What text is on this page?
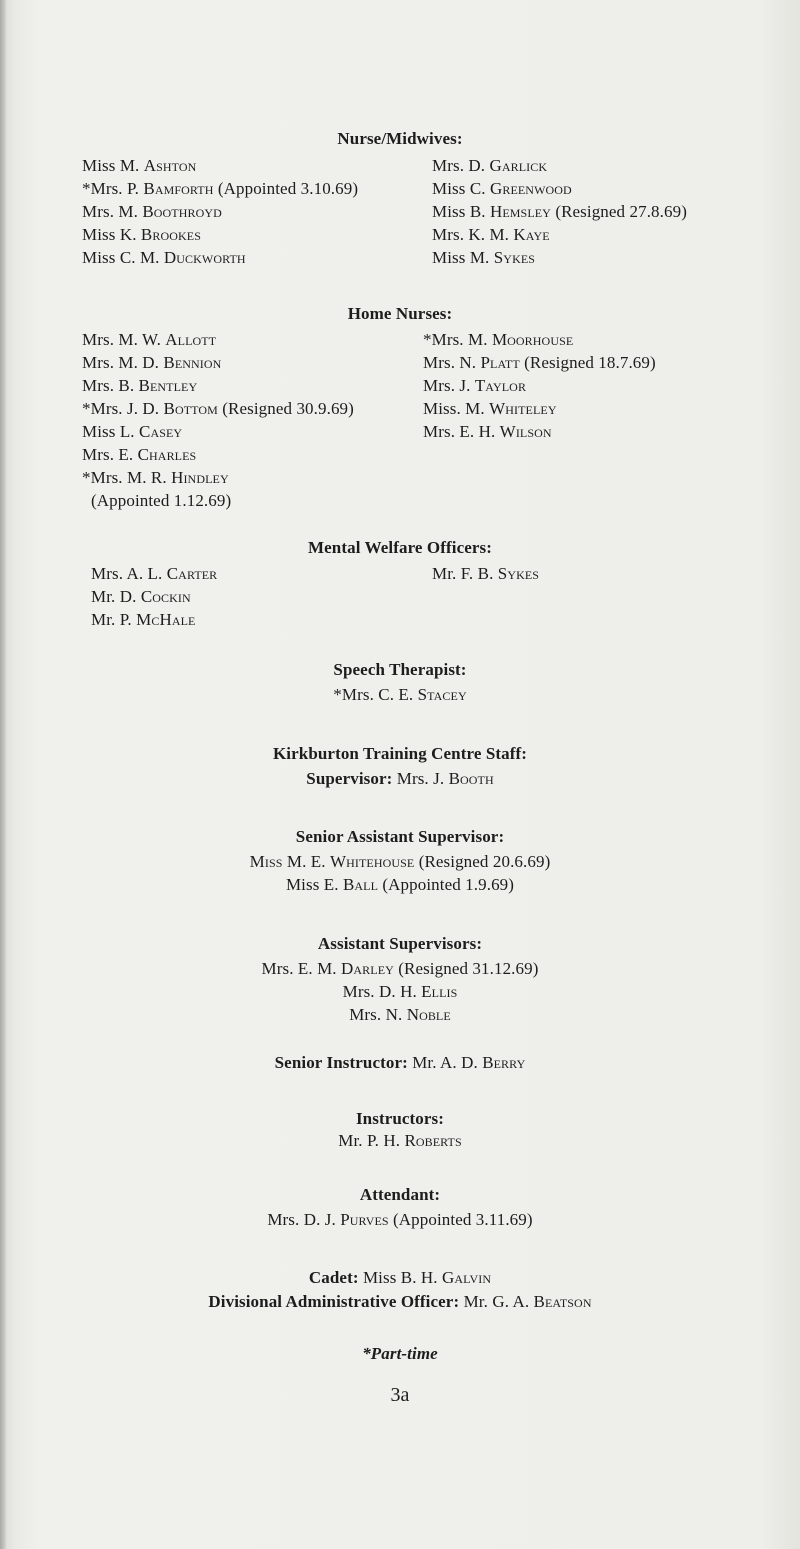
Nurse/Midwives:
Miss M. Ashton
*Mrs. P. Bamforth (Appointed 3.10.69)
Mrs. M. Boothroyd
Miss K. Brookes
Miss C. M. Duckworth
Mrs. D. Garlick
Miss C. Greenwood
Miss B. Hemsley (Resigned 27.8.69)
Mrs. K. M. Kaye
Miss M. Sykes
Home Nurses:
Mrs. M. W. Allott
Mrs. M. D. Bennion
Mrs. B. Bentley
*Mrs. J. D. Bottom (Resigned 30.9.69)
Miss L. Casey
Mrs. E. Charles
*Mrs. M. R. Hindley
(Appointed 1.12.69)
*Mrs. M. Moorhouse
Mrs. N. Platt (Resigned 18.7.69)
Mrs. J. Taylor
Miss. M. Whiteley
Mrs. E. H. Wilson
Mental Welfare Officers:
Mrs. A. L. Carter
Mr. D. Cockin
Mr. P. McHale
Mr. F. B. Sykes
Speech Therapist:
*Mrs. C. E. Stacey
Kirkburton Training Centre Staff:
Supervisor: Mrs. J. Booth
Senior Assistant Supervisor:
Miss M. E. Whitehouse (Resigned 20.6.69)
Miss E. Ball (Appointed 1.9.69)
Assistant Supervisors:
Mrs. E. M. Darley (Resigned 31.12.69)
Mrs. D. H. Ellis
Mrs. N. Noble
Senior Instructor: Mr. A. D. Berry
Instructors:
Mr. P. H. Roberts
Attendant:
Mrs. D. J. Purves (Appointed 3.11.69)
Cadet: Miss B. H. Galvin
Divisional Administrative Officer: Mr. G. A. Beatson
*Part-time
3a
